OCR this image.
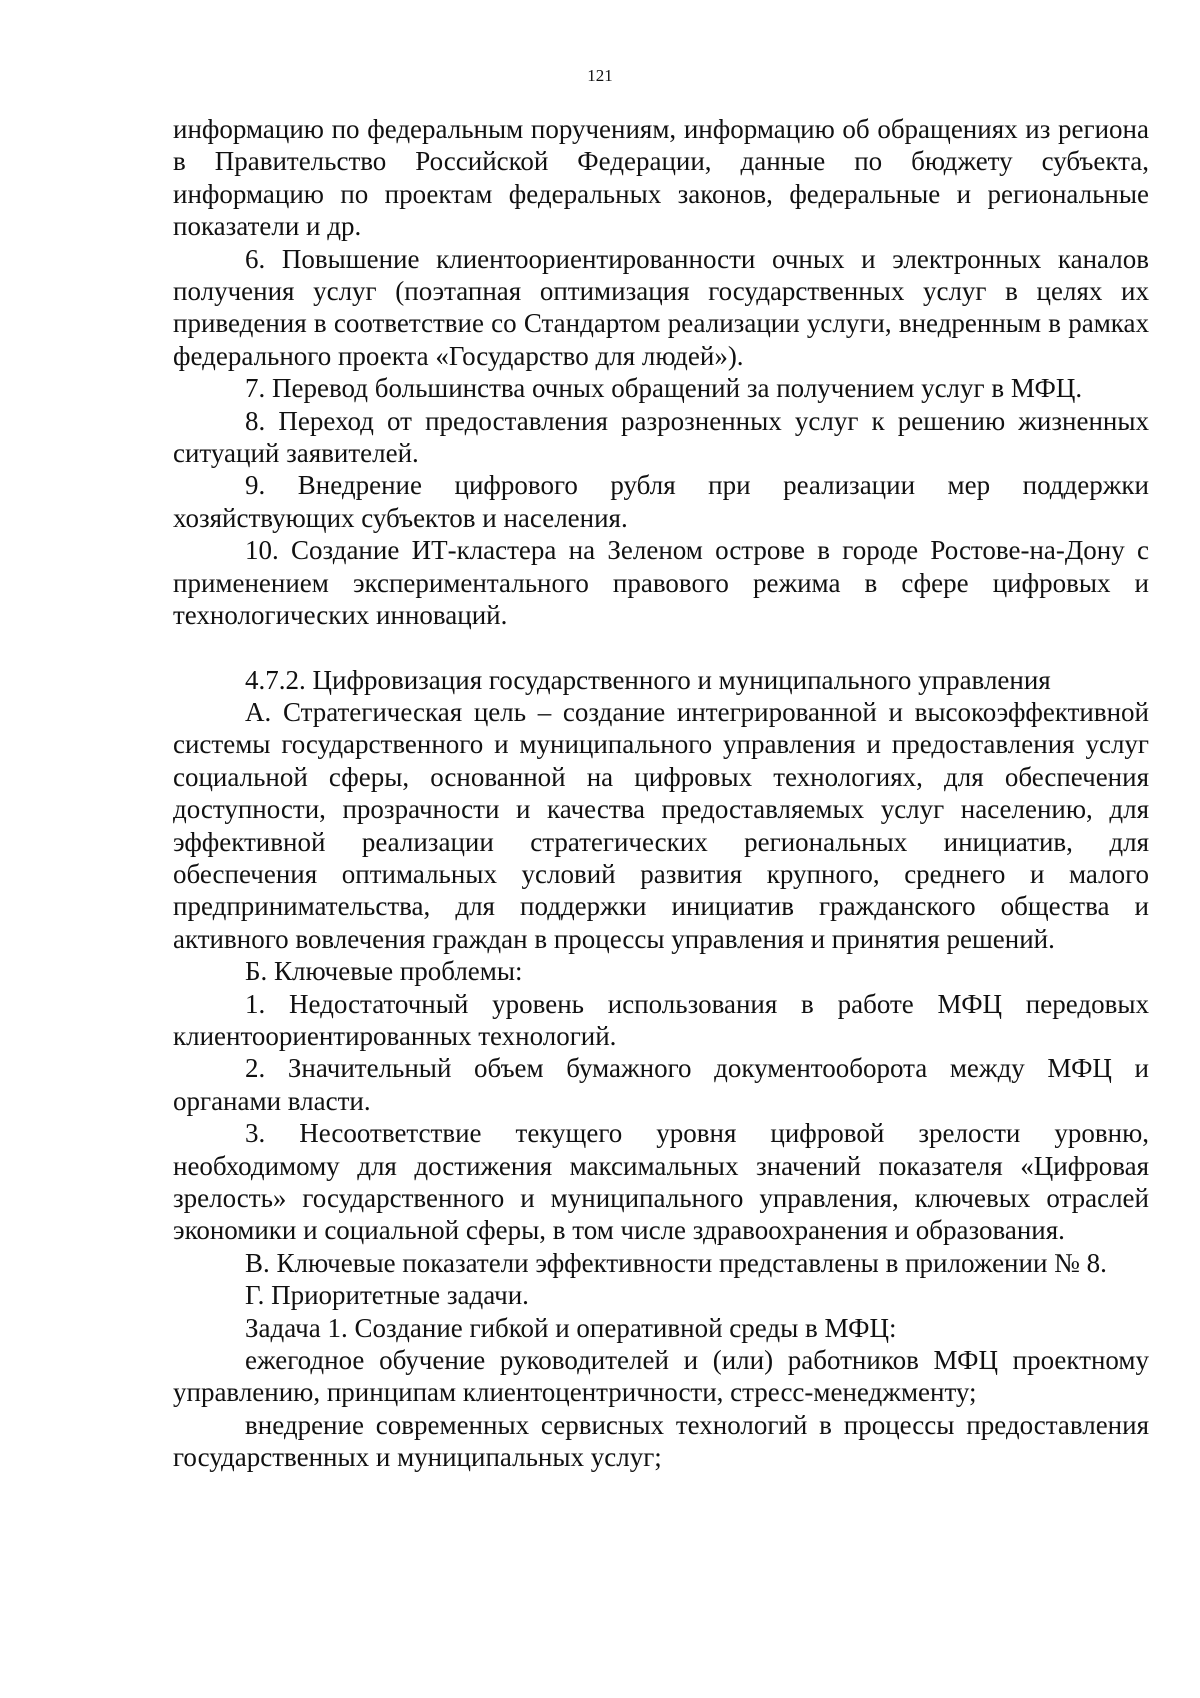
121

информацию по федеральным поручениям, информацию об обращениях из региона в Правительство Российской Федерации, данные по бюджету субъекта, информацию по проектам федеральных законов, федеральные и региональные показатели и др.

6. Повышение клиентоориентированности очных и электронных каналов получения услуг (поэтапная оптимизация государственных услуг в целях их приведения в соответствие со Стандартом реализации услуги, внедренным в рамках федерального проекта «Государство для людей»).

7. Перевод большинства очных обращений за получением услуг в МФЦ.

8. Переход от предоставления разрозненных услуг к решению жизненных ситуаций заявителей.

9. Внедрение цифрового рубля при реализации мер поддержки хозяйствующих субъектов и населения.

10. Создание ИТ-кластера на Зеленом острове в городе Ростове-на-Дону с применением экспериментального правового режима в сфере цифровых и технологических инноваций.

4.7.2. Цифровизация государственного и муниципального управления

А. Стратегическая цель – создание интегрированной и высокоэффективной системы государственного и муниципального управления и предоставления услуг социальной сферы, основанной на цифровых технологиях, для обеспечения доступности, прозрачности и качества предоставляемых услуг населению, для эффективной реализации стратегических региональных инициатив, для обеспечения оптимальных условий развития крупного, среднего и малого предпринимательства, для поддержки инициатив гражданского общества и активного вовлечения граждан в процессы управления и принятия решений.

Б. Ключевые проблемы:

1. Недостаточный уровень использования в работе МФЦ передовых клиентоориентированных технологий.

2. Значительный объем бумажного документооборота между МФЦ и органами власти.

3. Несоответствие текущего уровня цифровой зрелости уровню, необходимому для достижения максимальных значений показателя «Цифровая зрелость» государственного и муниципального управления, ключевых отраслей экономики и социальной сферы, в том числе здравоохранения и образования.

В. Ключевые показатели эффективности представлены в приложении № 8.

Г. Приоритетные задачи.

Задача 1. Создание гибкой и оперативной среды в МФЦ:

ежегодное обучение руководителей и (или) работников МФЦ проектному управлению, принципам клиентоцентричности, стресс-менеджменту;

внедрение современных сервисных технологий в процессы предоставления государственных и муниципальных услуг;
